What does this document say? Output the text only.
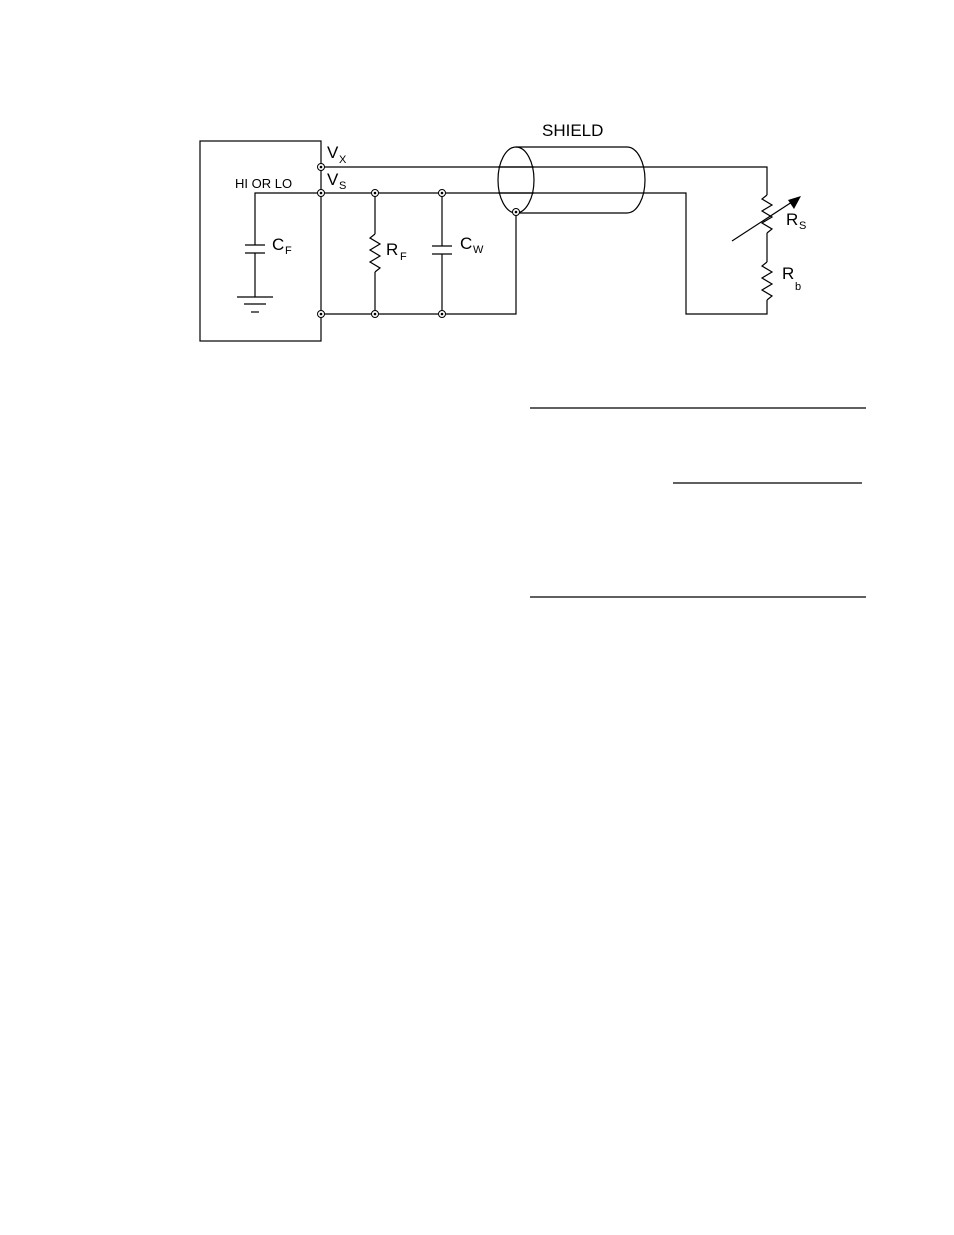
SHIELD
HI OR LO
V X
V S
C F	R F
C W
R S
R
b
